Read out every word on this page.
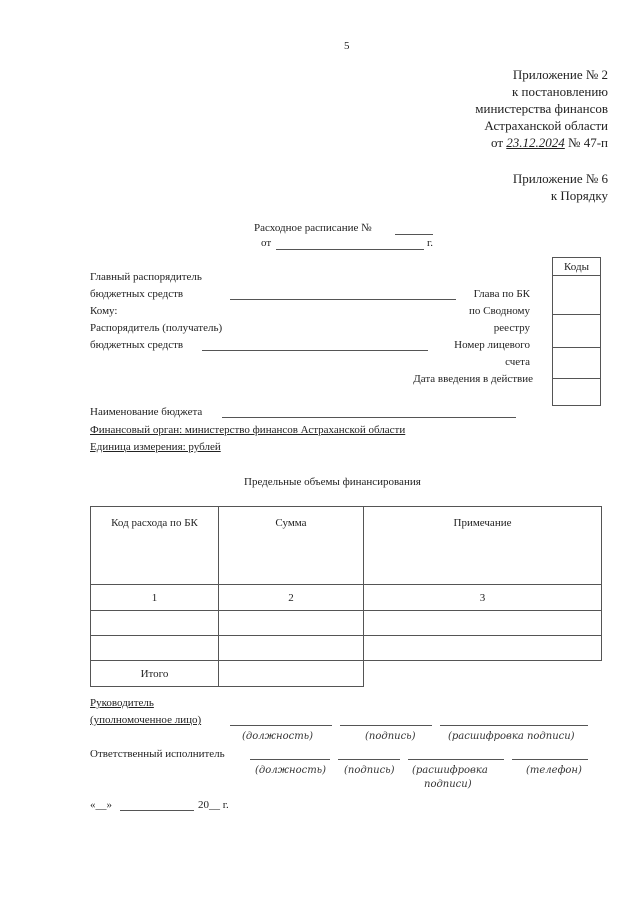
5
Приложение № 2
к постановлению
министерства финансов
Астраханской области
от 23.12.2024 № 47-п
Приложение № 6
к Порядку
Расходное расписание №
от	г.
Коды

Главный распорядитель
бюджетных средств
Кому:
Распорядитель (получатель)
бюджетных средств
Глава по БК
по Сводному
реестру
Номер лицевого
счета
Дата введения в действие
Наименование бюджета
Финансовый орган: министерство финансов Астраханской области
Единица измерения: рублей
Предельные объемы финансирования
Код расхода по БК	Сумма	Примечание
1	2	3

Итого		
Руководитель
(уполномоченное лицо)
(должность)	(подпись)	(расшифровка подписи)
Ответственный исполнитель
(должность) (подпись) (расшифровка
подписи)
(телефон)
«__»	20__ г.
